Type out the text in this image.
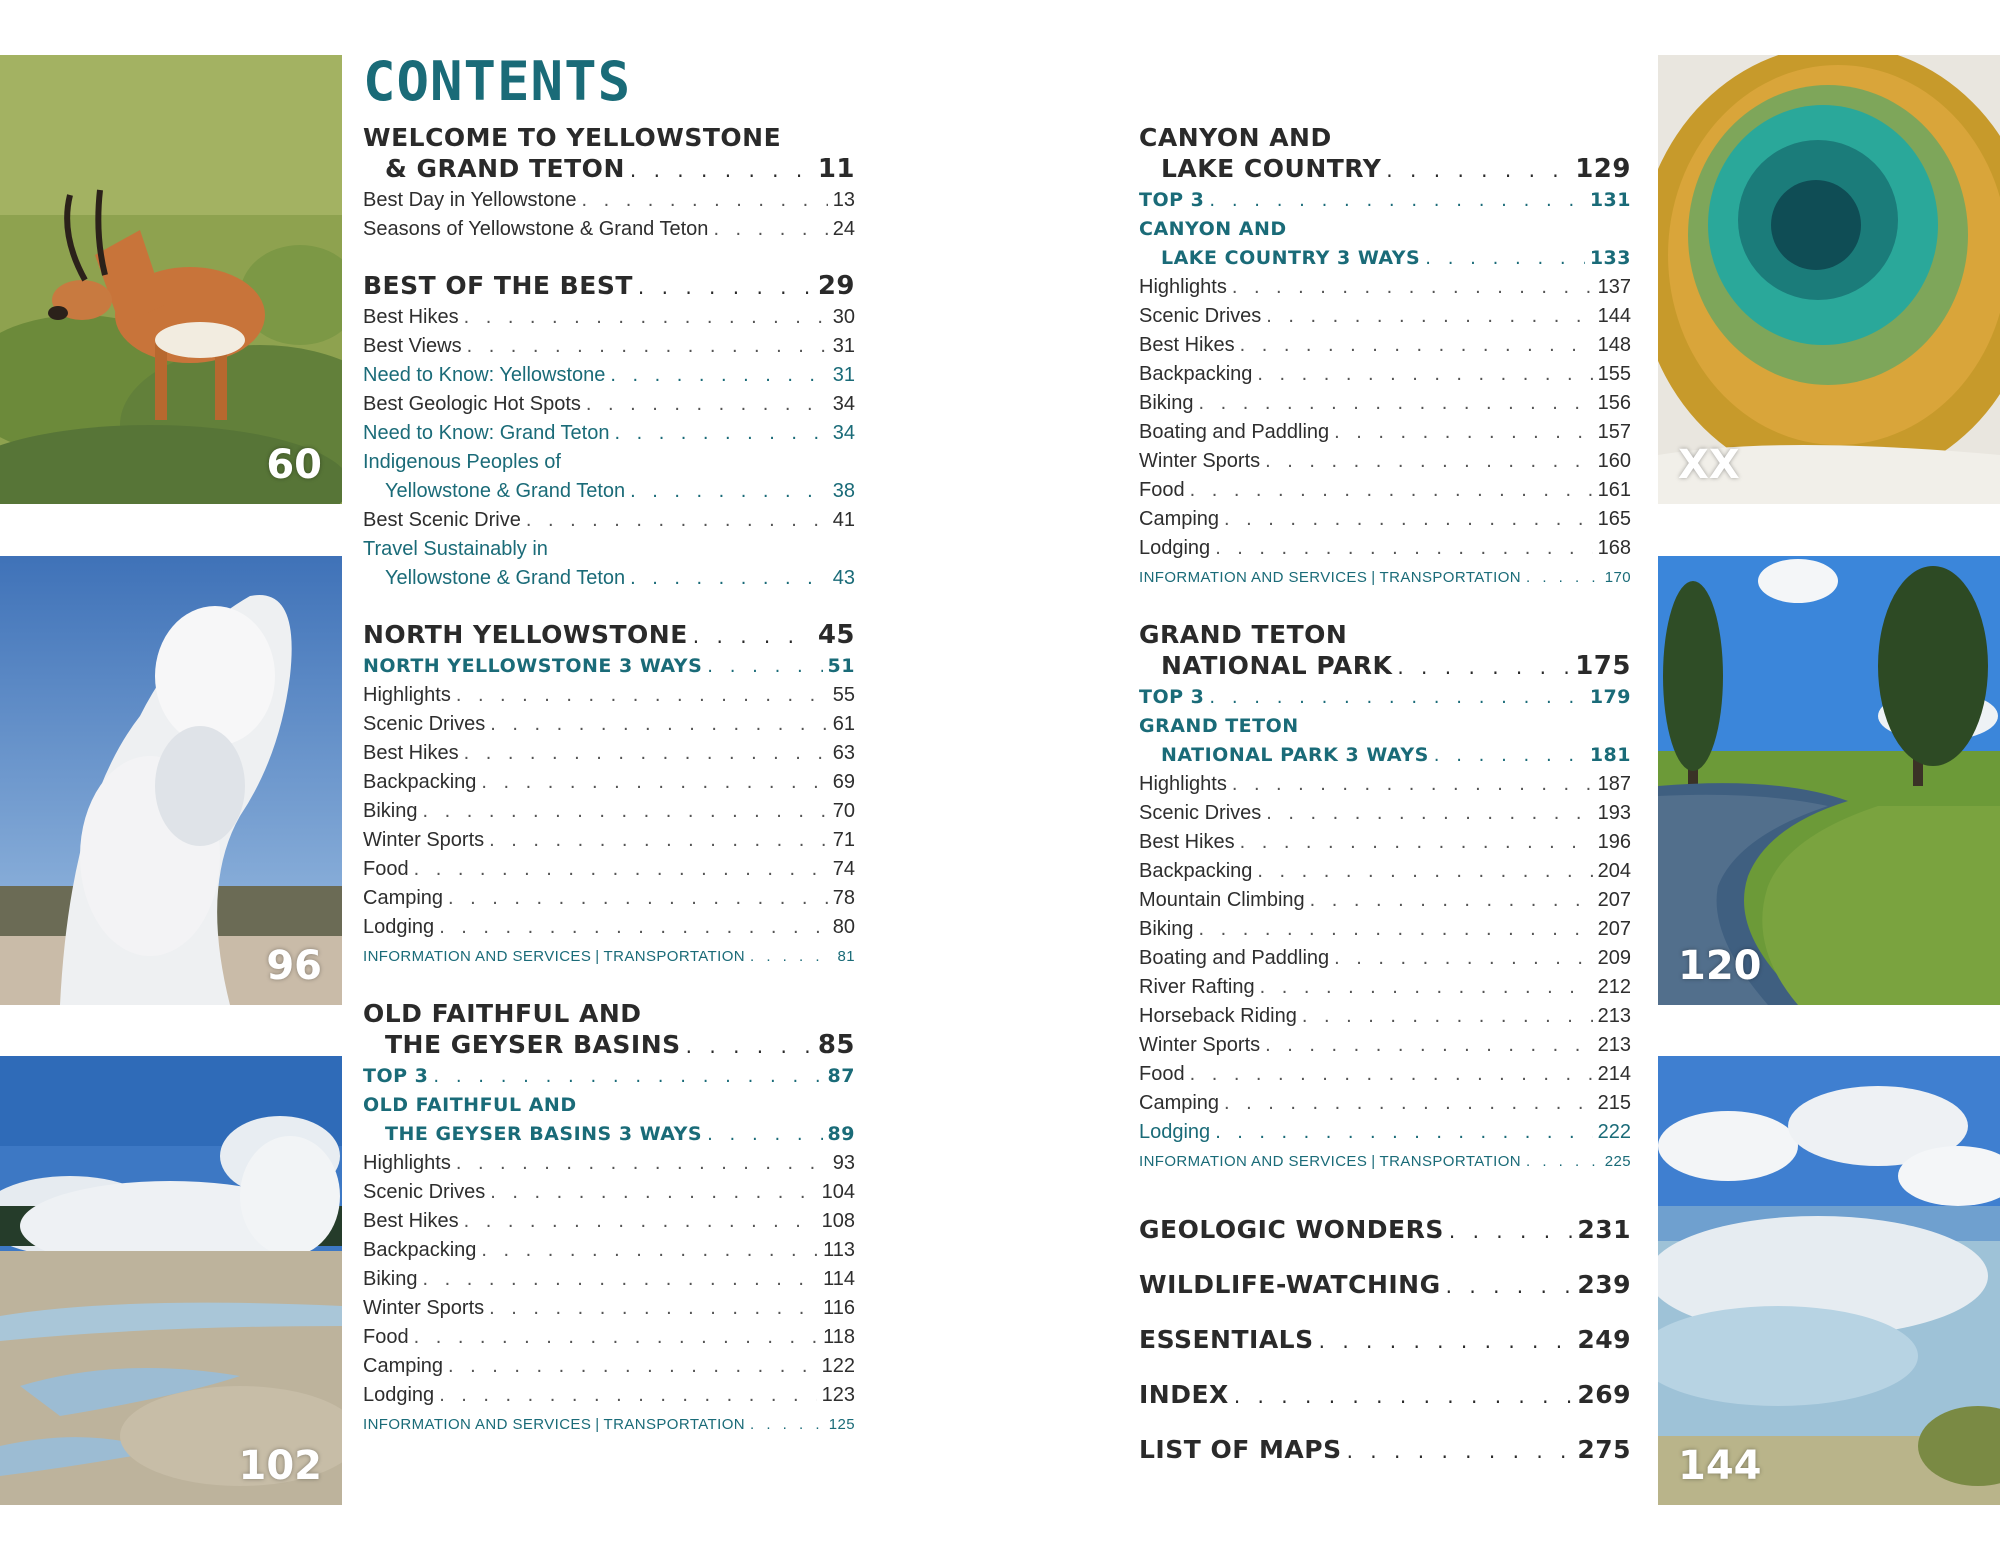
60
96
102
XX
120
144
CONTENTS
WELCOME TO YELLOWSTONE
& GRAND TETON . . .	11
Best Day in Yellowstone . . .	13
Seasons of Yellowstone & Grand Teton . . .	24
BEST OF THE BEST . . .	29
Best Hikes . . .	30
Best Views . . .	31
Need to Know: Yellowstone . . .	31
Best Geologic Hot Spots . . .	34
Need to Know: Grand Teton . . .	34
Indigenous Peoples of
Yellowstone & Grand Teton . . .	38
Best Scenic Drive . . .	41
Travel Sustainably in
Yellowstone & Grand Teton . . .	43
NORTH YELLOWSTONE . . .	45
NORTH YELLOWSTONE 3 WAYS . . .	51
Highlights . . .	55
Scenic Drives . . .	61
Best Hikes . . .	63
Backpacking . . .	69
Biking . . .	70
Winter Sports . . .	71
Food . . .	74
Camping . . .	78
Lodging . . .	80
INFORMATION AND SERVICES | TRANSPORTATION . . .	81
OLD FAITHFUL AND
THE GEYSER BASINS . . .	85
TOP 3 . . .	87
OLD FAITHFUL AND
THE GEYSER BASINS 3 WAYS . . .	89
Highlights . . .	93
Scenic Drives . . .	104
Best Hikes . . .	108
Backpacking . . .	113
Biking . . .	114
Winter Sports . . .	116
Food . . .	118
Camping . . .	122
Lodging . . .	123
INFORMATION AND SERVICES | TRANSPORTATION . . .	125
CANYON AND
LAKE COUNTRY . . .	129
TOP 3 . . .	131
CANYON AND
LAKE COUNTRY 3 WAYS . . .	133
Highlights . . .	137
Scenic Drives . . .	144
Best Hikes . . .	148
Backpacking . . .	155
Biking . . .	156
Boating and Paddling . . .	157
Winter Sports . . .	160
Food . . .	161
Camping . . .	165
Lodging . . .	168
INFORMATION AND SERVICES | TRANSPORTATION . . .	170
GRAND TETON
NATIONAL PARK . . .	175
TOP 3 . . .	179
GRAND TETON
NATIONAL PARK 3 WAYS . . .	181
Highlights . . .	187
Scenic Drives . . .	193
Best Hikes . . .	196
Backpacking . . .	204
Mountain Climbing . . .	207
Biking . . .	207
Boating and Paddling . . .	209
River Rafting . . .	212
Horseback Riding . . .	213
Winter Sports . . .	213
Food . . .	214
Camping . . .	215
Lodging . . .	222
INFORMATION AND SERVICES | TRANSPORTATION . . .	225
GEOLOGIC WONDERS . . .	231
WILDLIFE-WATCHING . . .	239
ESSENTIALS . . .	249
INDEX . . .	269
LIST OF MAPS . . .	275
